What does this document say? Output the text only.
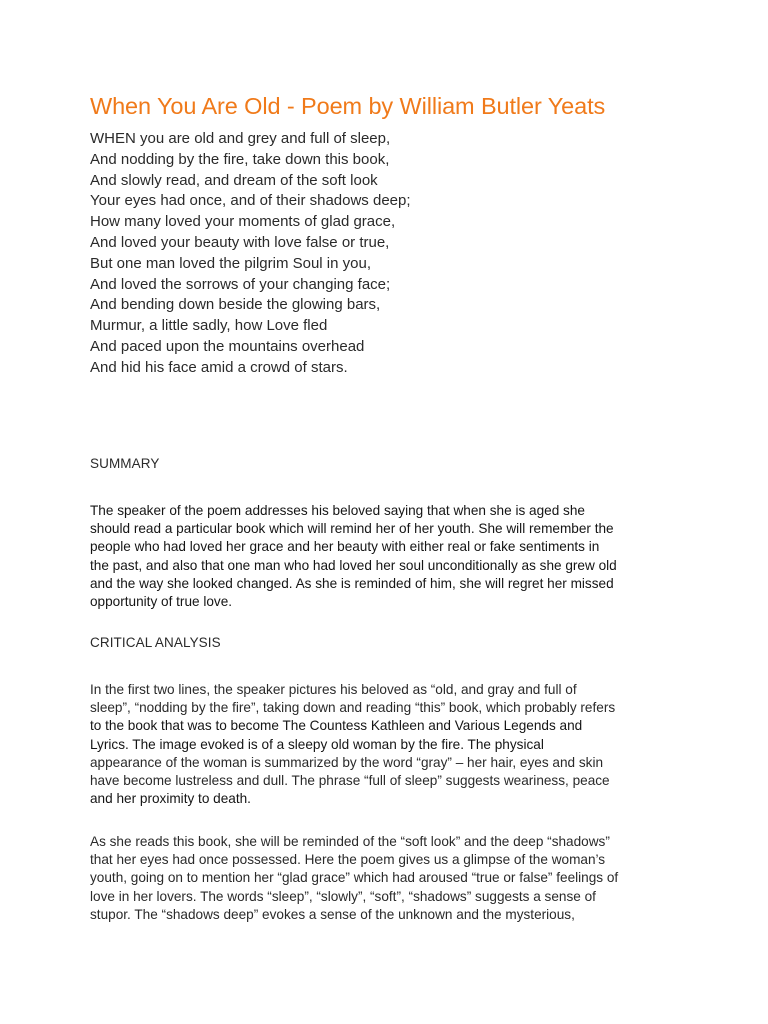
When You Are Old - Poem by William Butler Yeats
WHEN you are old and grey and full of sleep,
And nodding by the fire, take down this book,
And slowly read, and dream of the soft look
Your eyes had once, and of their shadows deep;
How many loved your moments of glad grace,
And loved your beauty with love false or true,
But one man loved the pilgrim Soul in you,
And loved the sorrows of your changing face;
And bending down beside the glowing bars,
Murmur, a little sadly, how Love fled
And paced upon the mountains overhead
And hid his face amid a crowd of stars.
SUMMARY
The speaker of the poem addresses his beloved saying that when she is aged she
should read a particular book which will remind her of her youth. She will remember the
people who had loved her grace and her beauty with either real or fake sentiments in
the past, and also that one man who had loved her soul unconditionally as she grew old
and the way she looked changed. As she is reminded of him, she will regret her missed
opportunity of true love.
CRITICAL ANALYSIS
In the first two lines, the speaker pictures his beloved as “old, and gray and full of
sleep”, “nodding by the fire”, taking down and reading “this” book, which probably refers
to the book that was to become The Countess Kathleen and Various Legends and
Lyrics. The image evoked is of a sleepy old woman by the fire. The physical
appearance of the woman is summarized by the word “gray” – her hair, eyes and skin
have become lustreless and dull. The phrase “full of sleep” suggests weariness, peace
and her proximity to death.
As she reads this book, she will be reminded of the “soft look” and the deep “shadows”
that her eyes had once possessed. Here the poem gives us a glimpse of the woman’s
youth, going on to mention her “glad grace” which had aroused “true or false” feelings of
love in her lovers. The words “sleep”, “slowly”, “soft”, “shadows” suggests a sense of
stupor. The “shadows deep” evokes a sense of the unknown and the mysterious,
